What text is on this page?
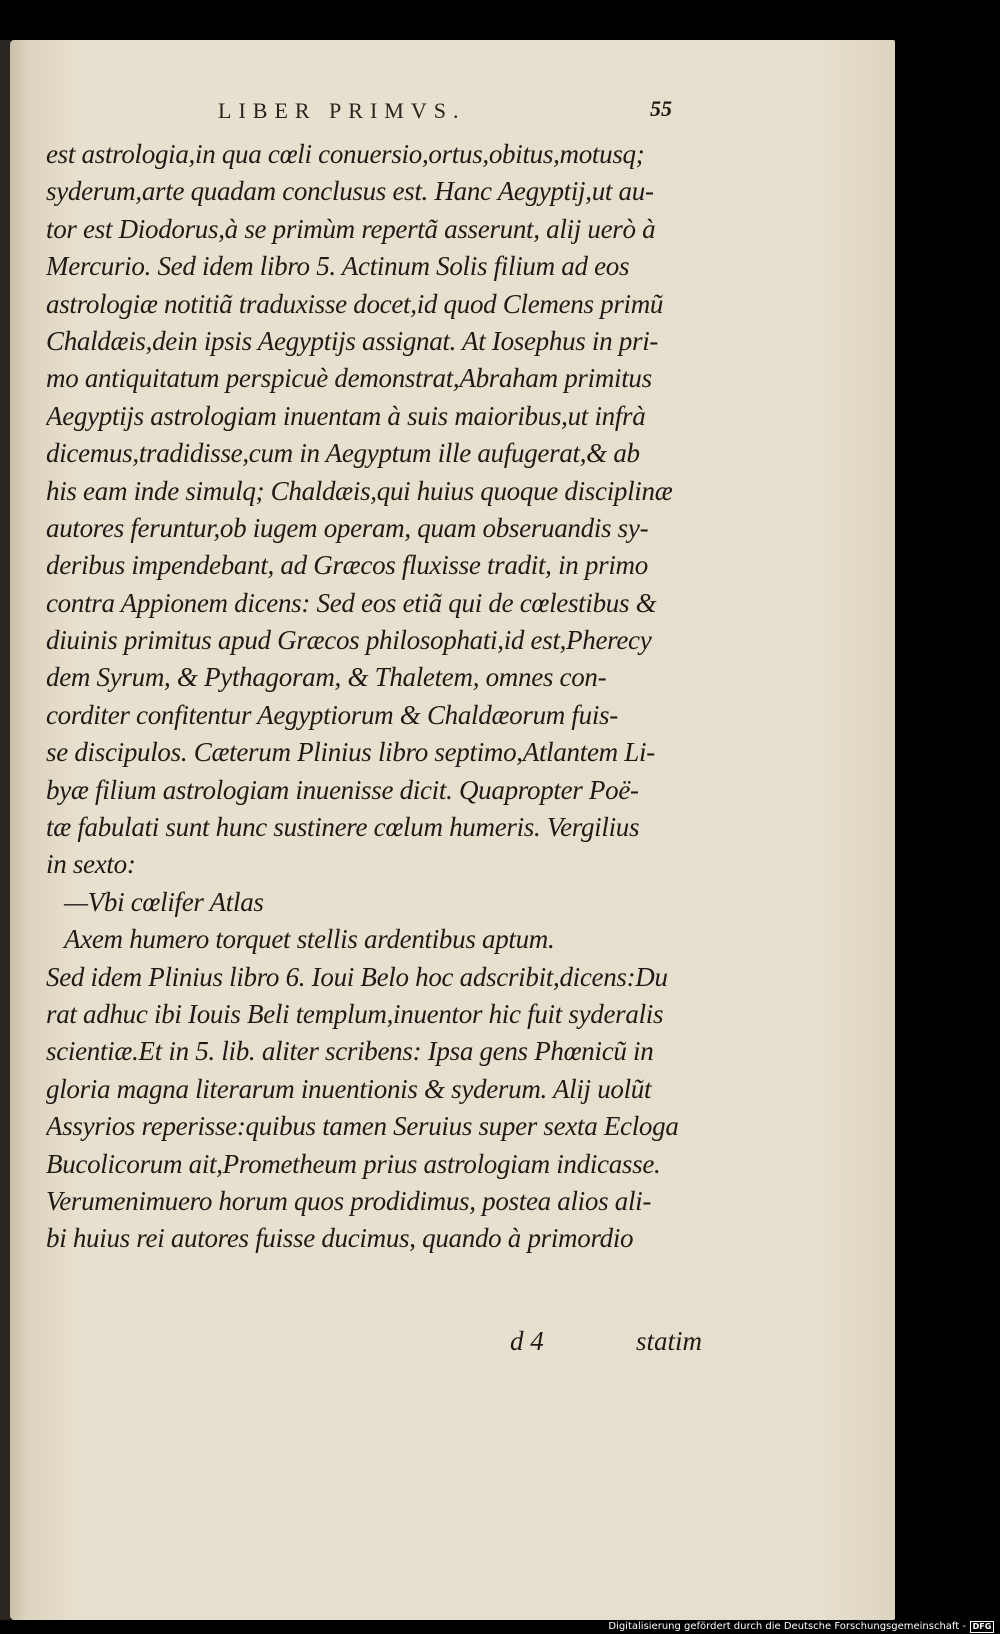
LIBER PRIMVS.	55
est astrologia,in qua cœli conuersio,ortus,obitus,motusq;
syderum,arte quadam conclusus est. Hanc Aegyptij,ut au-
tor est Diodorus,à se primùm repertã asserunt, alij uerò à
Mercurio. Sed idem libro 5. Actinum Solis filium ad eos
astrologiæ notitiã traduxisse docet,id quod Clemens primũ
Chaldæis,dein ipsis Aegyptijs assignat. At Iosephus in pri-
mo antiquitatum perspicuè demonstrat,Abraham primitus
Aegyptijs astrologiam inuentam à suis maioribus,ut infrà
dicemus,tradidisse,cum in Aegyptum ille aufugerat,& ab
his eam inde simulq; Chaldæis,qui huius quoque disciplinæ
autores feruntur,ob iugem operam, quam obseruandis sy-
deribus impendebant, ad Græcos fluxisse tradit, in primo
contra Appionem dicens: Sed eos etiã qui de cœlestibus &
diuinis primitus apud Græcos philosophati,id est,Pherecy
dem Syrum, & Pythagoram, & Thaletem, omnes con-
corditer confitentur Aegyptiorum & Chaldæorum fuis-
se discipulos. Cæterum Plinius libro septimo,Atlantem Li-
byæ filium astrologiam inuenisse dicit. Quapropter Poë-
tæ fabulati sunt hunc sustinere cœlum humeris. Vergilius
in sexto:
—Vbi cœlifer Atlas
Axem humero torquet stellis ardentibus aptum.
Sed idem Plinius libro 6. Ioui Belo hoc adscribit,dicens:Du
rat adhuc ibi Iouis Beli templum,inuentor hic fuit syderalis
scientiæ.Et in 5. lib. aliter scribens: Ipsa gens Phœnicũ in
gloria magna literarum inuentionis & syderum. Alij uolũt
Assyrios reperisse:quibus tamen Seruius super sexta Ecloga
Bucolicorum ait,Prometheum prius astrologiam indicasse.
Verumenimuero horum quos prodidimus, postea alios ali-
bi huius rei autores fuisse ducimus, quando à primordio
d 4	statim
Digitalisierung gefördert durch die Deutsche Forschungsgemeinschaft - DFG
